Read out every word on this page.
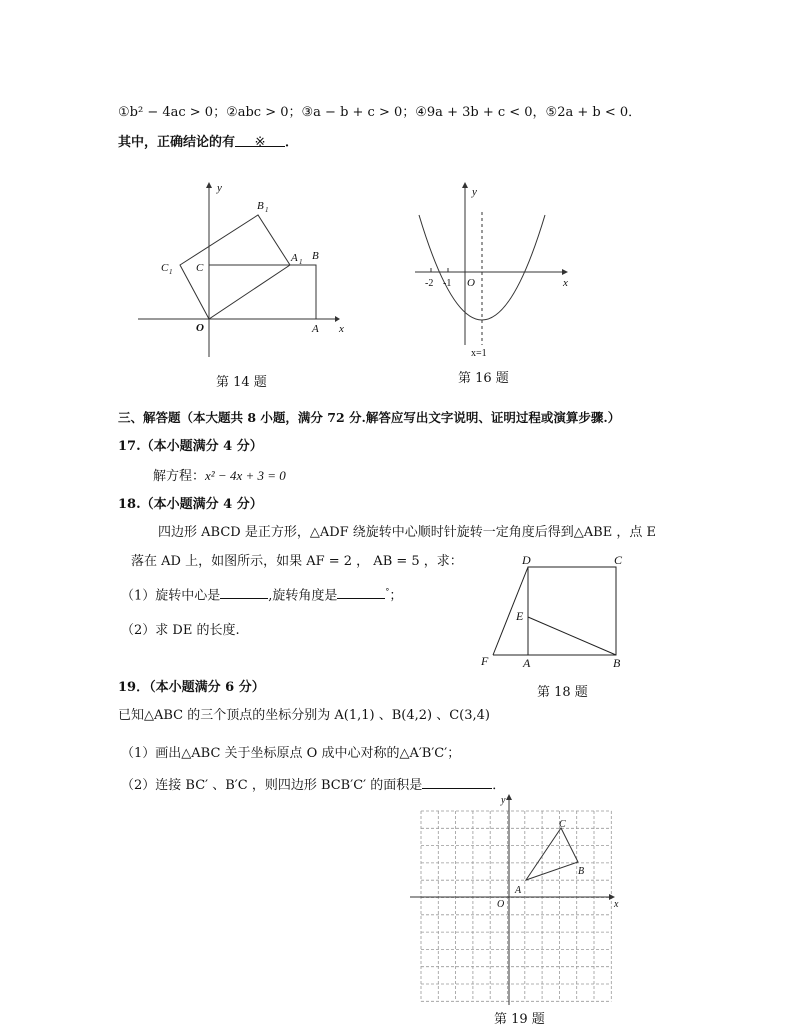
①b² − 4ac > 0；②abc > 0；③a − b + c > 0；④9a + 3b + c < 0，⑤2a + b < 0．
其中，正确结论的有 ※ ．
y
x
O	A
B
C
A 1
B 1
C 1
第 14 题
y
x
O
-2 -1
x=1
第 16 题
三、解答题（本大题共 8 小题，满分 72 分.解答应写出文字说明、证明过程或演算步骤.）
17.（本小题满分 4 分）
解方程：x² − 4x + 3 = 0
18.（本小题满分 4 分）
四边形 ABCD 是正方形，△ADF 绕旋转中心顺时针旋转一定角度后得到△ABE ，点 E
落在 AD 上，如图所示，如果 AF = 2 ， AB = 5 ，求：
（1）旋转中心是	,旋转角度是	°；
（2）求 DE 的长度.
D	C
E
F	A	B
第 18 题
19．（本小题满分 6 分）
已知△ABC 的三个顶点的坐标分别为 A(1,1) 、B(4,2) 、C(3,4)
（1）画出△ABC 关于坐标原点 O 成中心对称的△A′B′C′；
（2）连接 BC′ 、B′C ，则四边形 BCB′C′ 的面积是	．
x
y
O
A
B
C
第 19 题
